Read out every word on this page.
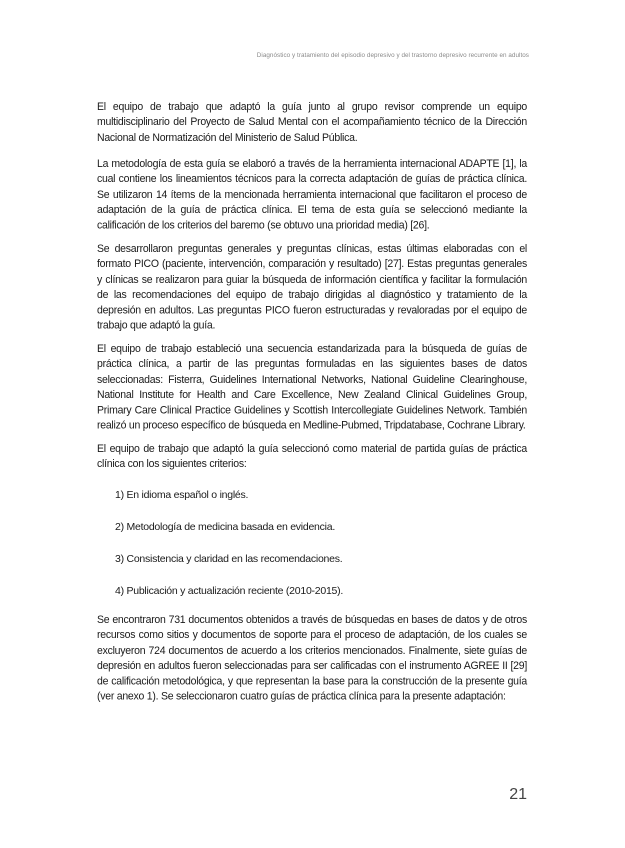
Diagnóstico y tratamiento del episodio depresivo y del trastorno depresivo recurrente en adultos

El equipo de trabajo que adaptó la guía junto al grupo revisor comprende un equipo multidisciplinario del Proyecto de Salud Mental con el acompañamiento técnico de la Dirección Nacional de Normatización del Ministerio de Salud Pública.

La metodología de esta guía se elaboró a través de la herramienta internacional ADAPTE [1], la cual contiene los lineamientos técnicos para la correcta adaptación de guías de práctica clínica. Se utilizaron 14 ítems de la mencionada herramienta internacional que facilitaron el proceso de adaptación de la guía de práctica clínica. El tema de esta guía se seleccionó mediante la calificación de los criterios del baremo (se obtuvo una prioridad media) [26].

Se desarrollaron preguntas generales y preguntas clínicas, estas últimas elaboradas con el formato PICO (paciente, intervención, comparación y resultado) [27]. Estas preguntas generales y clínicas se realizaron para guiar la búsqueda de información científica y facilitar la formulación de las recomendaciones del equipo de trabajo dirigidas al diagnóstico y tratamiento de la depresión en adultos. Las preguntas PICO fueron estructuradas y revaloradas por el equipo de trabajo que adaptó la guía.

El equipo de trabajo estableció una secuencia estandarizada para la búsqueda de guías de práctica clínica, a partir de las preguntas formuladas en las siguientes bases de datos seleccionadas: Fisterra, Guidelines International Networks, National Guideline Clearinghouse, National Institute for Health and Care Excellence, New Zealand Clinical Guidelines Group, Primary Care Clinical Practice Guidelines y Scottish Intercollegiate Guidelines Network. También realizó un proceso específico de búsqueda en Medline-Pubmed, Tripdatabase, Cochrane Library.

El equipo de trabajo que adaptó la guía seleccionó como material de partida guías de práctica clínica con los siguientes criterios:

1) En idioma español o inglés.
2) Metodología de medicina basada en evidencia.
3) Consistencia y claridad en las recomendaciones.
4) Publicación y actualización reciente (2010-2015).

Se encontraron 731 documentos obtenidos a través de búsquedas en bases de datos y de otros recursos como sitios y documentos de soporte para el proceso de adaptación, de los cuales se excluyeron 724 documentos de acuerdo a los criterios mencionados. Finalmente, siete guías de depresión en adultos fueron seleccionadas para ser calificadas con el instrumento AGREE II [29] de calificación metodológica, y que representan la base para la construcción de la presente guía (ver anexo 1). Se seleccionaron cuatro guías de práctica clínica para la presente adaptación:

21
